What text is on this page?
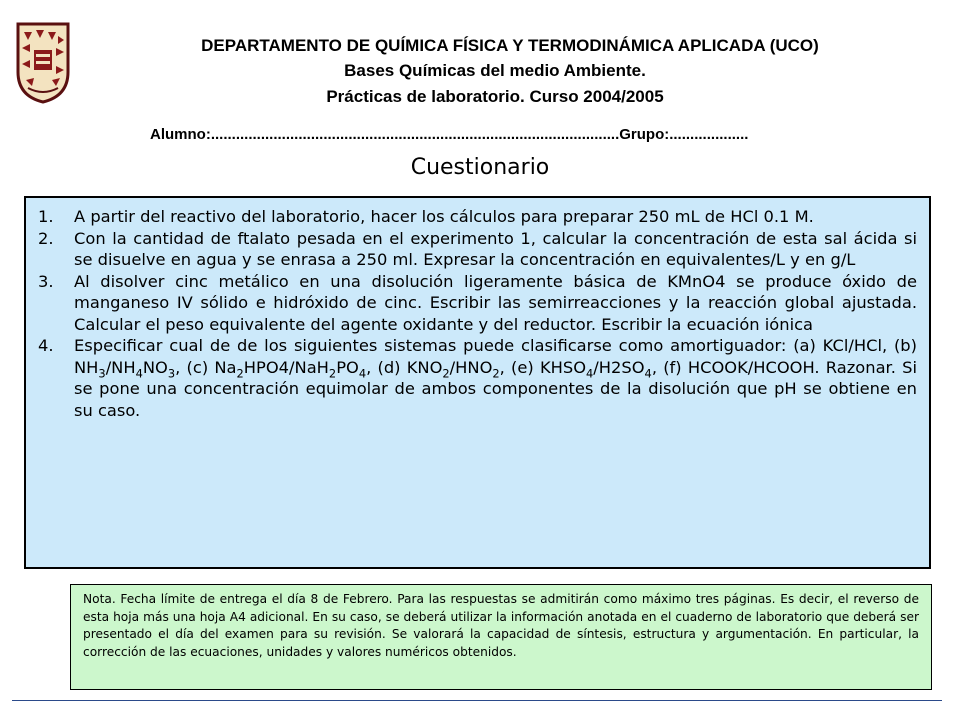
DEPARTAMENTO DE QUÍMICA FÍSICA Y TERMODINÁMICA APLICADA (UCO)
Bases Químicas del medio Ambiente.
Prácticas de laboratorio. Curso 2004/2005
Alumno:..................................................................................................Grupo:...................
Cuestionario
1. A partir del reactivo del laboratorio, hacer los cálculos para preparar 250 mL de HCl 0.1 M.
2. Con la cantidad de ftalato pesada en el experimento 1, calcular la concentración de esta sal ácida si se disuelve en agua y se enrasa a 250 ml. Expresar la concentración en equivalentes/L y en g/L
3. Al disolver cinc metálico en una disolución ligeramente básica de KMnO4 se produce óxido de manganeso IV sólido e hidróxido de cinc. Escribir las semirreacciones y la reacción global ajustada. Calcular el peso equivalente del agente oxidante y del reductor. Escribir la ecuación iónica
4. Especificar cual de de los siguientes sistemas puede clasificarse como amortiguador: (a) KCl/HCl, (b) $NH_3/NH_4NO_3$, (c) $Na_2HPO4/NaH_2PO_4$, (d) $KNO_2/HNO_2$, (e) $KHSO_4/H2SO_4$, (f) HCOOK/HCOOH. Razonar. Si se pone una concentración equimolar de ambos componentes de la disolución que pH se obtiene en su caso.
Nota. Fecha límite de entrega el día 8 de Febrero. Para las respuestas se admitirán como máximo tres páginas. Es decir, el reverso de esta hoja más una hoja A4 adicional. En su caso, se deberá utilizar la información anotada en el cuaderno de laboratorio que deberá ser presentado el día del examen para su revisión. Se valorará la capacidad de síntesis, estructura y argumentación. En particular, la corrección de las ecuaciones, unidades y valores numéricos obtenidos.
